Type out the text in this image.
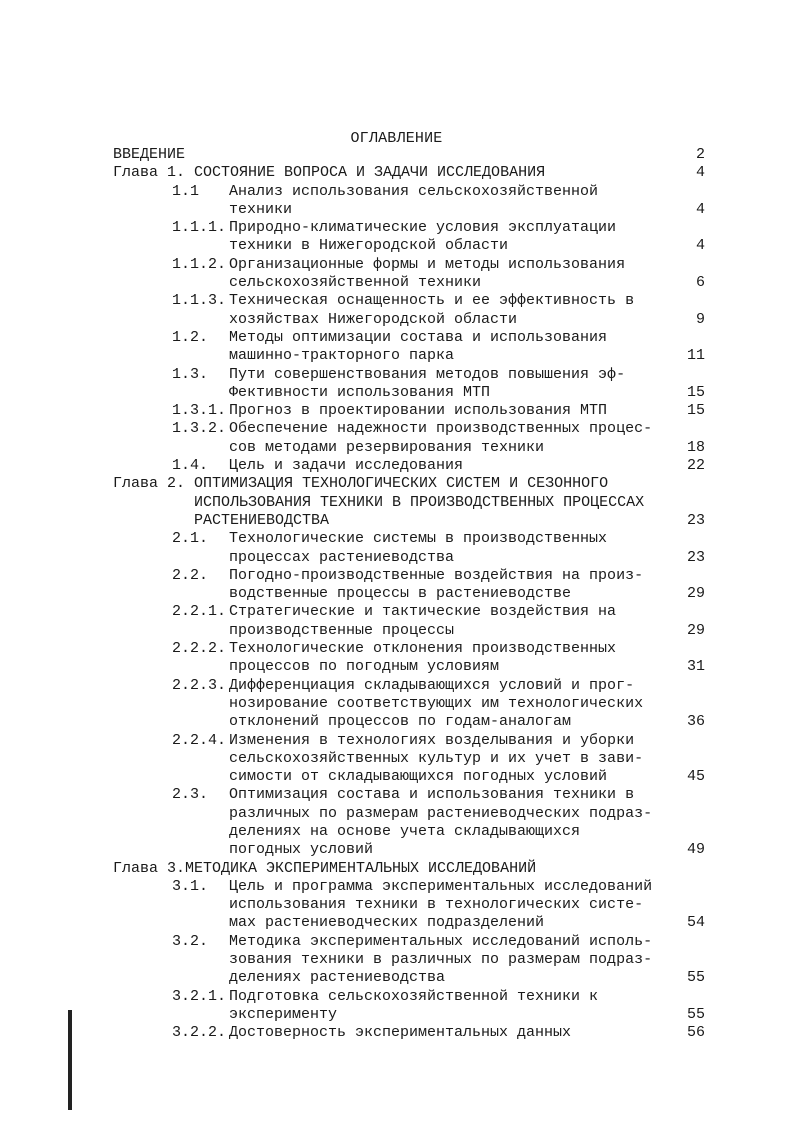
ОГЛАВЛЕНИЕ
ВВЕДЕНИЕ	2
Глава 1. СОСТОЯНИЕ ВОПРОСА И ЗАДАЧИ ИССЛЕДОВАНИЯ	4
1.1 Анализ использования сельскохозяйственной
техники	4
1.1.1. Природно-климатические условия эксплуатации
техники в Нижегородской области	4
1.1.2. Организационные формы и методы использования
сельскохозяйственной техники	6
1.1.3. Техническая оснащенность и ее эффективность в
хозяйствах Нижегородской области	9
1.2. Методы оптимизации состава и использования
машинно-тракторного парка	11
1.3. Пути совершенствования методов повышения эф-
Фективности использования МТП	15
1.3.1. Прогноз в проектировании использования МТП	15
1.3.2. Обеспечение надежности производственных процес-
сов методами резервирования техники	18
1.4. Цель и задачи исследования	22
Глава 2. ОПТИМИЗАЦИЯ ТЕХНОЛОГИЧЕСКИХ СИСТЕМ И СЕЗОННОГО
ИСПОЛЬЗОВАНИЯ ТЕХНИКИ В ПРОИЗВОДСТВЕННЫХ ПРОЦЕССАХ
РАСТЕНИЕВОДСТВА	23
2.1. Технологические системы в производственных
процессах растениеводства	23
2.2. Погодно-производственные воздействия на произ-
водственные процессы в растениеводстве	29
2.2.1. Стратегические и тактические воздействия на
производственные процессы	29
2.2.2. Технологические отклонения производственных
процессов по погодным условиям	31
2.2.3. Дифференциация складывающихся условий и прог-
нозирование соответствующих им технологических
отклонений процессов по годам-аналогам	36
2.2.4. Изменения в технологиях возделывания и уборки
сельскохозяйственных культур и их учет в зави-
симости от складывающихся погодных условий	45
2.3. Оптимизация состава и использования техники в
различных по размерам растениеводческих подраз-
делениях на основе учета складывающихся
погодных условий	49
Глава 3.МЕТОДИКА ЭКСПЕРИМЕНТАЛЬНЫХ ИССЛЕДОВАНИЙ
3.1. Цель и программа экспериментальных исследований
использования техники в технологических систе-
мах растениеводческих подразделений	54
3.2. Методика экспериментальных исследований исполь-
зования техники в различных по размерам подраз-
делениях растениеводства	55
3.2.1. Подготовка сельскохозяйственной техники к
эксперименту	55
3.2.2. Достоверность экспериментальных данных	56
